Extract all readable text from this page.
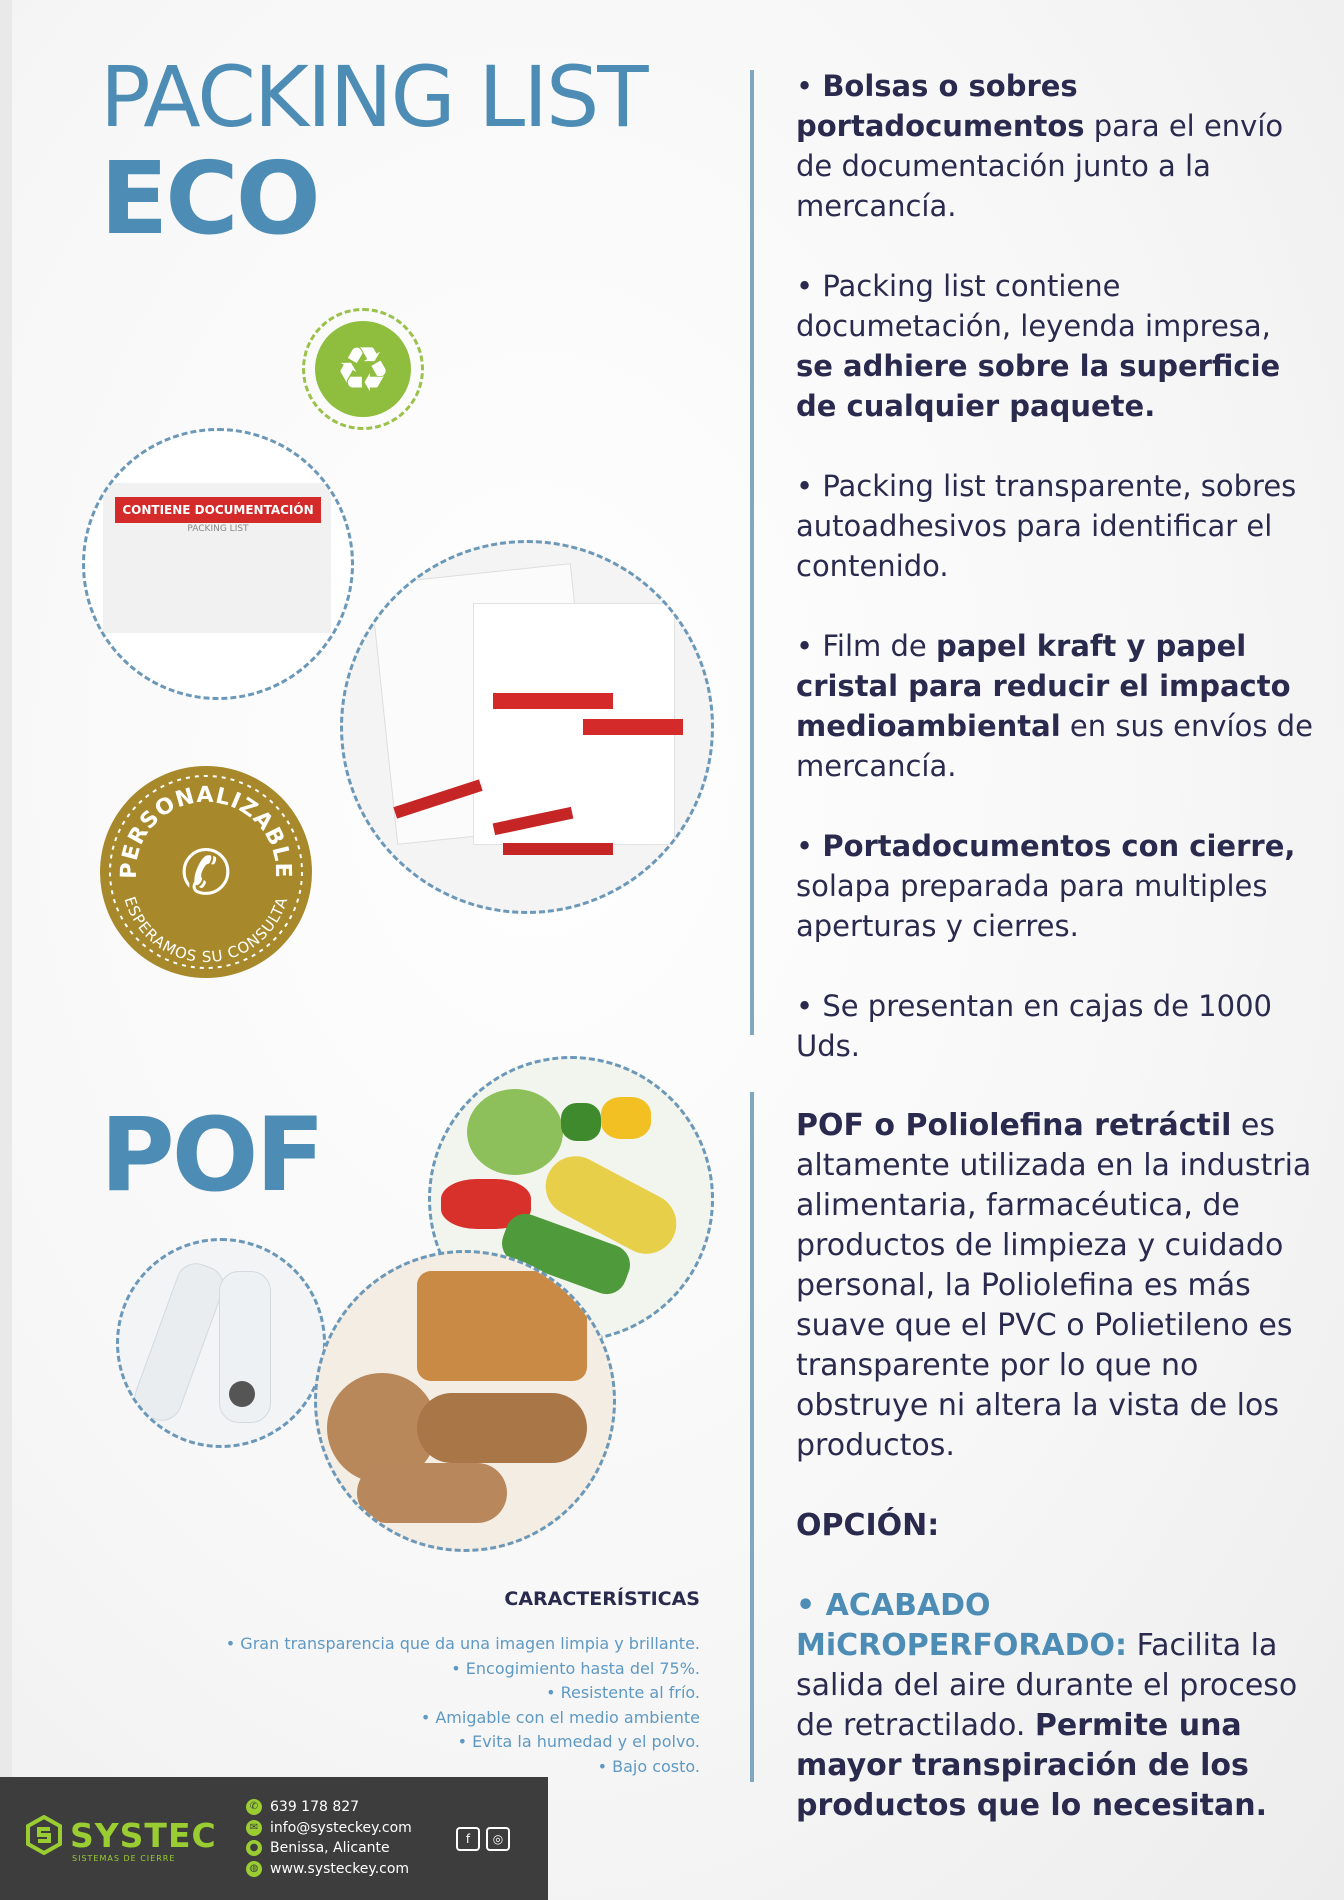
PACKING LIST
ECO
♻
CONTIENE DOCUMENTACIÓN
PACKING LIST
PERSONALIZABLE
ESPERAMOS SU CONSULTA
✆

• Bolsas o sobres portadocumentos para el envío de documentación junto a la mercancía.

• Packing list contiene documetación, leyenda impresa, se adhiere sobre la superficie de cualquier paquete.

• Packing list transparente, sobres autoadhesivos para identificar el contenido.

• Film de papel kraft y papel cristal para reducir el impacto medioambiental en sus envíos de mercancía.

• Portadocumentos con cierre, solapa preparada para multiples aperturas y cierres.

• Se presentan en cajas de 1000 Uds.

POF	POF o Poliolefina retráctil es altamente utilizada en la industria alimentaria, farmacéutica, de productos de limpieza y cuidado personal, la Poliolefina es más suave que el PVC o Polietileno es transparente por lo que no obstruye ni altera la vista de los productos.

OPCIÓN:

• ACABADO MiCROPERFORADO: Facilita la salida del aire durante el proceso de retractilado. Permite una mayor transpiración de los productos que lo necesitan.

CARACTERÍSTICAS

• Gran transparencia que da una imagen limpia y brillante.
• Encogimiento hasta del 75%.
• Resistente al frío.
• Amigable con el medio ambiente
• Evita la humedad y el polvo.
• Bajo costo.
SYSTEC
SISTEMAS DE CIERRE
✆ 639 178 827
✉ info@systeckey.com
● Benissa, Alicante
◍ www.systeckey.com
f	◎
